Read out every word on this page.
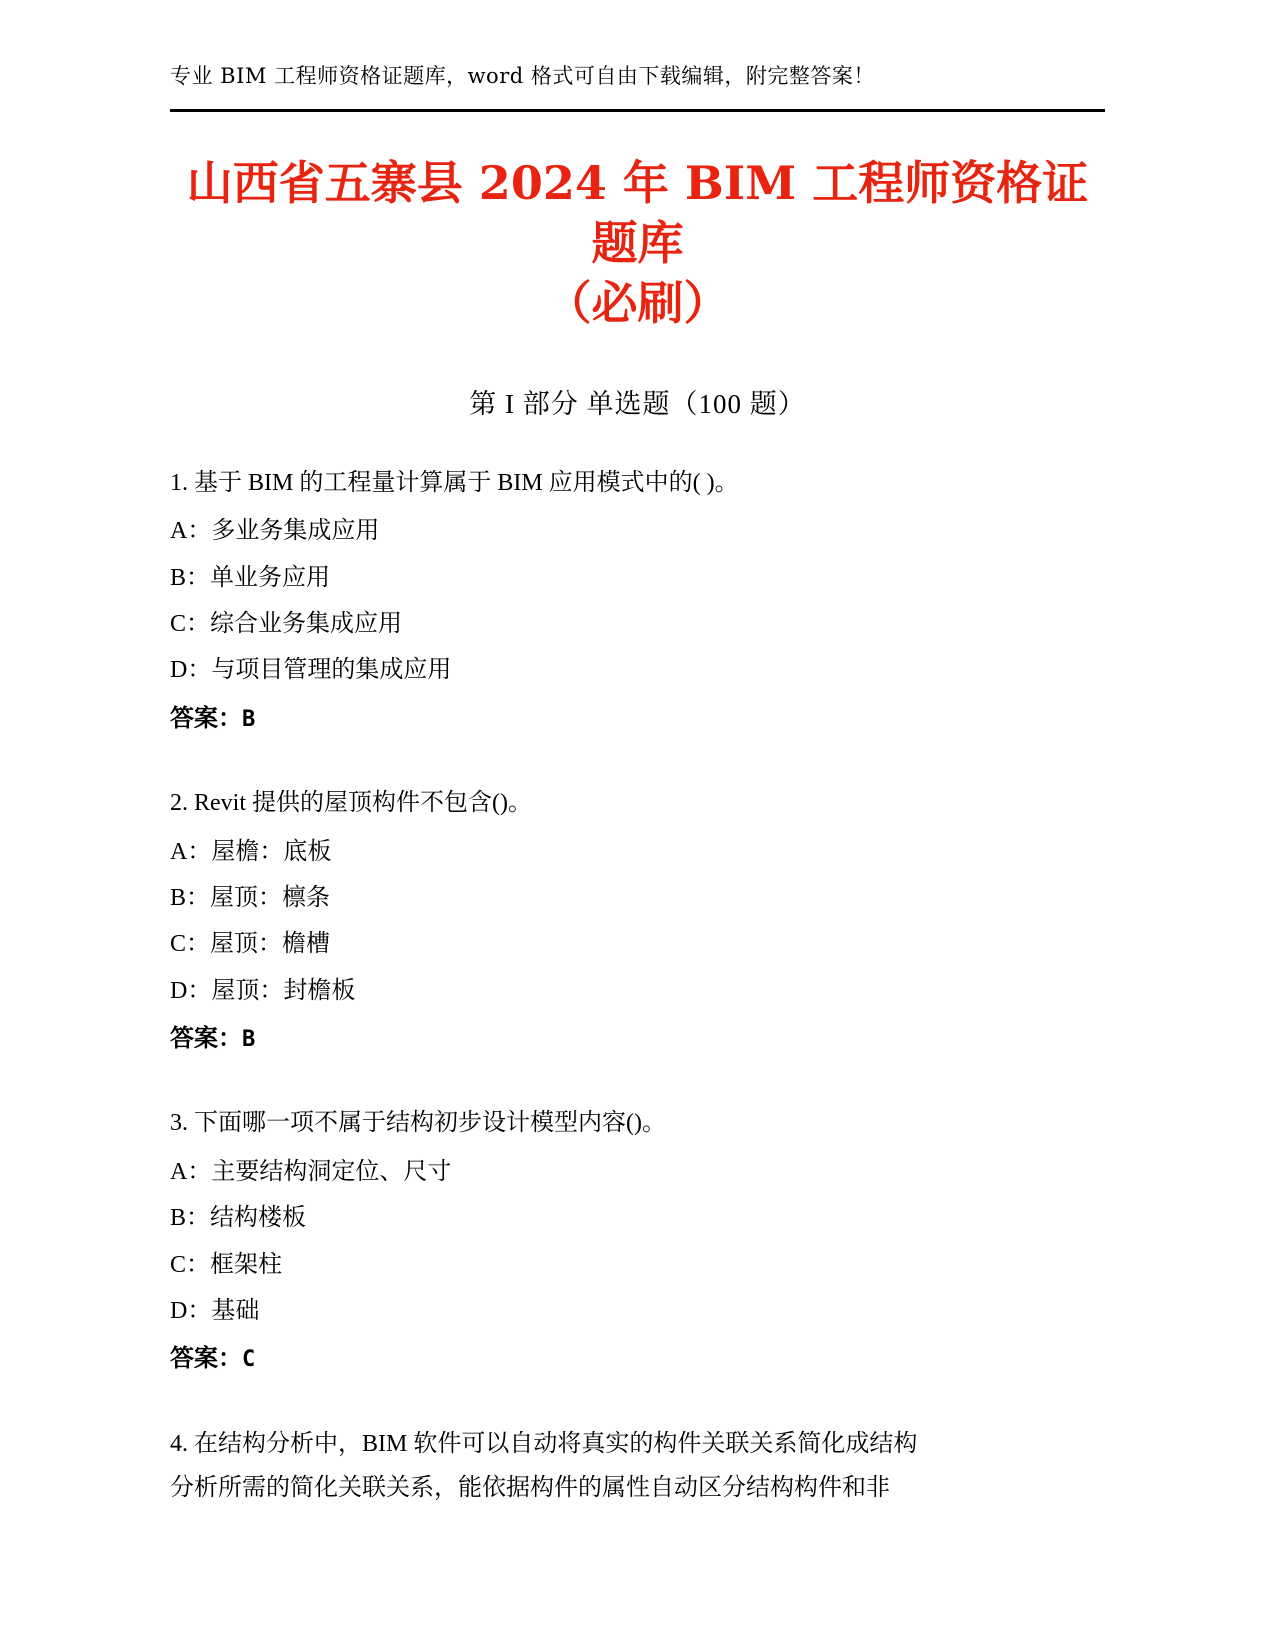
专业 BIM 工程师资格证题库，word 格式可自由下载编辑，附完整答案！
山西省五寨县 2024 年 BIM 工程师资格证题库
（必刷）
第 I 部分 单选题（100 题）
1. 基于 BIM 的工程量计算属于 BIM 应用模式中的( )。
A：多业务集成应用
B：单业务应用
C：综合业务集成应用
D：与项目管理的集成应用
答案：B
2. Revit 提供的屋顶构件不包含()。
A：屋檐：底板
B：屋顶：檩条
C：屋顶：檐槽
D：屋顶：封檐板
答案：B
3. 下面哪一项不属于结构初步设计模型内容()。
A：主要结构洞定位、尺寸
B：结构楼板
C：框架柱
D：基础
答案：C
4. 在结构分析中，BIM 软件可以自动将真实的构件关联关系简化成结构
分析所需的简化关联关系，能依据构件的属性自动区分结构构件和非
